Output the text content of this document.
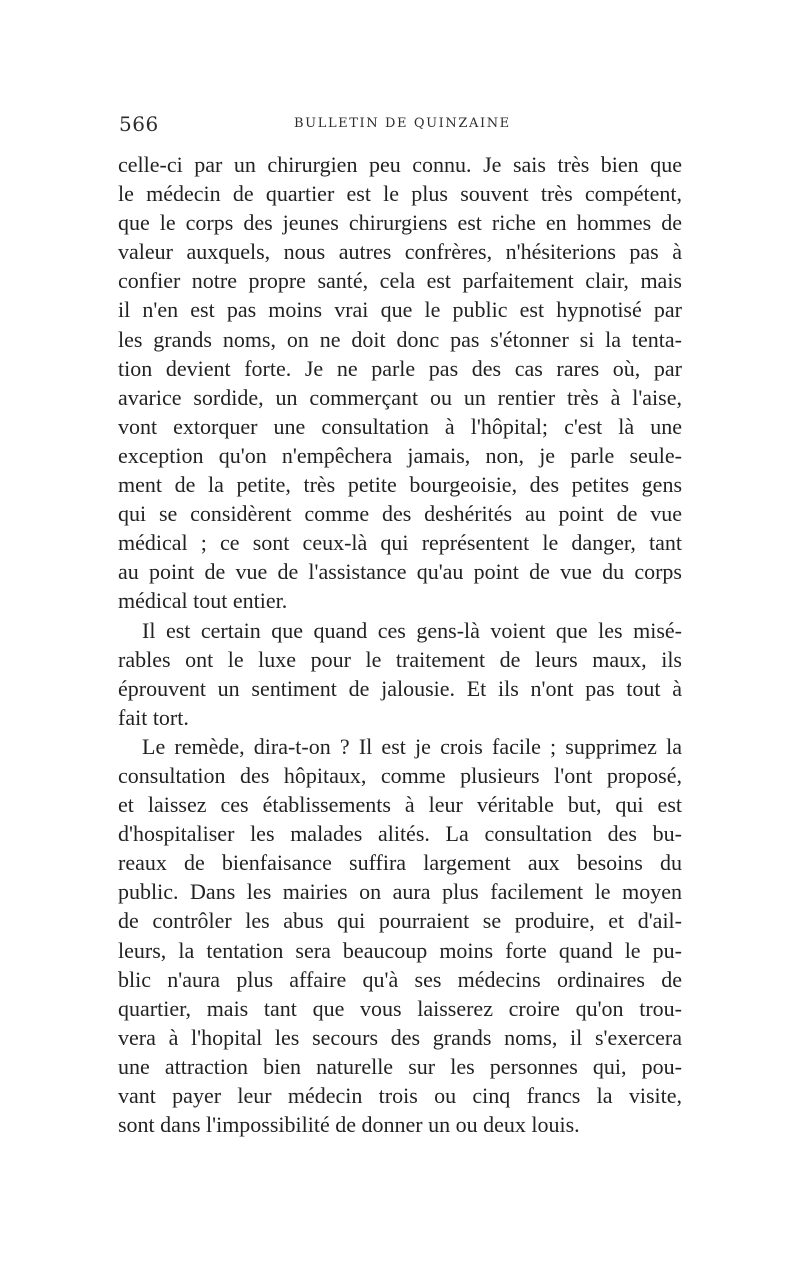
566	BULLETIN DE QUINZAINE
celle-ci par un chirurgien peu connu. Je sais très bien que
le médecin de quartier est le plus souvent très compétent,
que le corps des jeunes chirurgiens est riche en hommes de
valeur auxquels, nous autres confrères, n'hésiterions pas à
confier notre propre santé, cela est parfaitement clair, mais
il n'en est pas moins vrai que le public est hypnotisé par
les grands noms, on ne doit donc pas s'étonner si la tenta-
tion devient forte. Je ne parle pas des cas rares où, par
avarice sordide, un commerçant ou un rentier très à l'aise,
vont extorquer une consultation à l'hôpital; c'est là une
exception qu'on n'empêchera jamais, non, je parle seule-
ment de la petite, très petite bourgeoisie, des petites gens
qui se considèrent comme des deshérités au point de vue
médical ; ce sont ceux-là qui représentent le danger, tant
au point de vue de l'assistance qu'au point de vue du corps
médical tout entier.
Il est certain que quand ces gens-là voient que les misé-
rables ont le luxe pour le traitement de leurs maux, ils
éprouvent un sentiment de jalousie. Et ils n'ont pas tout à
fait tort.
Le remède, dira-t-on ? Il est je crois facile ; supprimez la
consultation des hôpitaux, comme plusieurs l'ont proposé,
et laissez ces établissements à leur véritable but, qui est
d'hospitaliser les malades alités. La consultation des bu-
reaux de bienfaisance suffira largement aux besoins du
public. Dans les mairies on aura plus facilement le moyen
de contrôler les abus qui pourraient se produire, et d'ail-
leurs, la tentation sera beaucoup moins forte quand le pu-
blic n'aura plus affaire qu'à ses médecins ordinaires de
quartier, mais tant que vous laisserez croire qu'on trou-
vera à l'hopital les secours des grands noms, il s'exercera
une attraction bien naturelle sur les personnes qui, pou-
vant payer leur médecin trois ou cinq francs la visite,
sont dans l'impossibilité de donner un ou deux louis.
